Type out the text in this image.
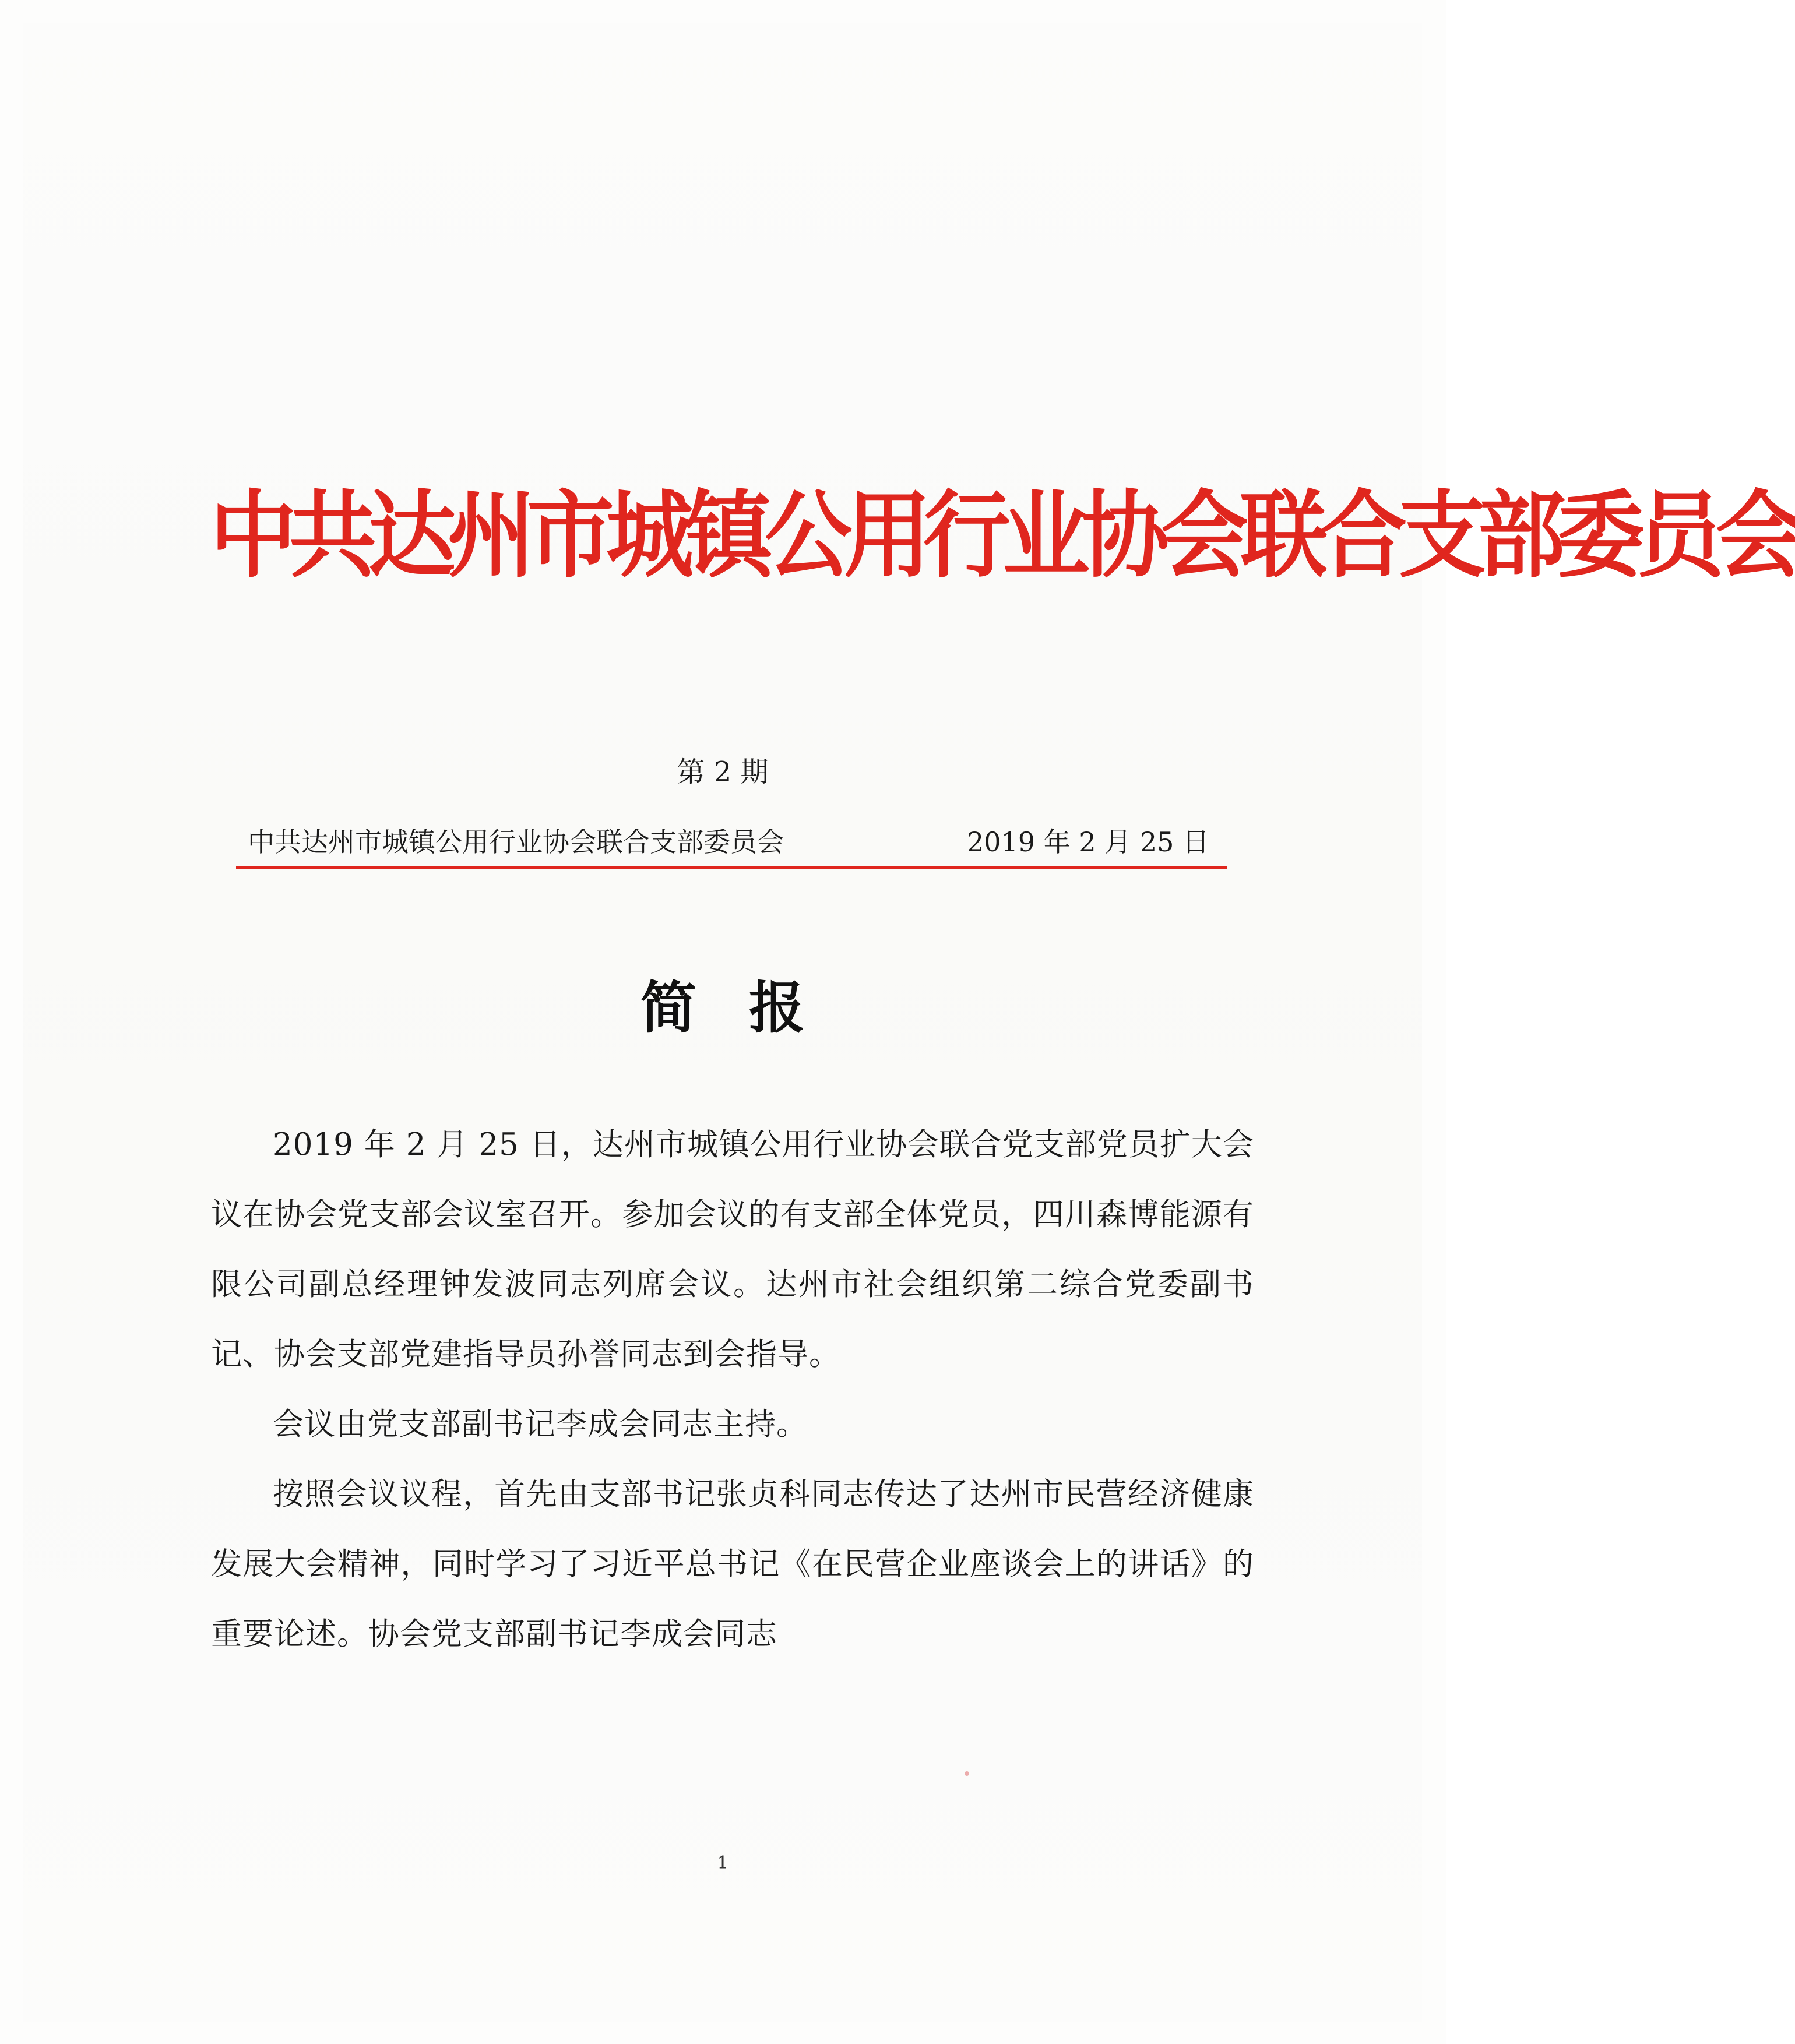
中共达州市城镇公用行业协会联合支部委员会
第 2 期
中共达州市城镇公用行业协会联合支部委员会	2019 年 2 月 25 日
简报

2019 年 2 月 25 日，达州市城镇公用行业协会联合党支部党员扩大会议在协会党支部会议室召开。参加会议的有支部全体党员，四川森博能源有限公司副总经理钟发波同志列席会议。达州市社会组织第二综合党委副书记、协会支部党建指导员孙誉同志到会指导。

会议由党支部副书记李成会同志主持。

按照会议议程，首先由支部书记张贞科同志传达了达州市民营经济健康发展大会精神，同时学习了习近平总书记《在民营企业座谈会上的讲话》的重要论述。协会党支部副书记李成会同志

1
